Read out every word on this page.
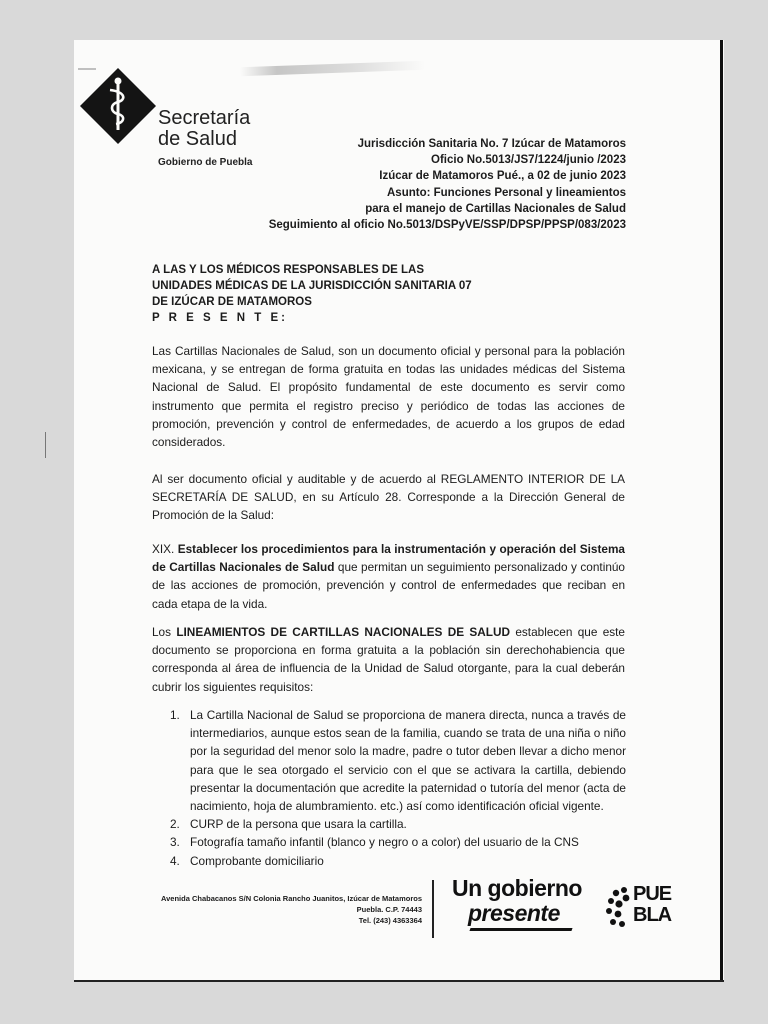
Secretaría
de Salud
Gobierno de Puebla
Jurisdicción Sanitaria No. 7 Izúcar de Matamoros
Oficio No.5013/JS7/1224/junio /2023
Izúcar de Matamoros Pué., a 02 de junio 2023
Asunto: Funciones Personal y lineamientos
para el manejo de Cartillas Nacionales de Salud
Seguimiento al oficio No.5013/DSPyVE/SSP/DPSP/PPSP/083/2023
A LAS Y LOS MÉDICOS RESPONSABLES DE LAS
UNIDADES MÉDICAS DE LA JURISDICCIÓN SANITARIA 07
DE IZÚCAR DE MATAMOROS
P R E S E N T E:

Las Cartillas Nacionales de Salud, son un documento oficial y personal para la población mexicana, y se entregan de forma gratuita en todas las unidades médicas del Sistema Nacional de Salud. El propósito fundamental de este documento es servir como instrumento que permita el registro preciso y periódico de todas las acciones de promoción, prevención y control de enfermedades, de acuerdo a los grupos de edad considerados.

Al ser documento oficial y auditable y de acuerdo al REGLAMENTO INTERIOR DE LA SECRETARÍA DE SALUD, en su Artículo 28. Corresponde a la Dirección General de Promoción de la Salud:

XIX. Establecer los procedimientos para la instrumentación y operación del Sistema de Cartillas Nacionales de Salud que permitan un seguimiento personalizado y continúo de las acciones de promoción, prevención y control de enfermedades que reciban en cada etapa de la vida.

Los LINEAMIENTOS DE CARTILLAS NACIONALES DE SALUD establecen que este documento se proporciona en forma gratuita a la población sin derechohabiencia que corresponda al área de influencia de la Unidad de Salud otorgante, para la cual deberán cubrir los siguientes requisitos:

1. La Cartilla Nacional de Salud se proporciona de manera directa, nunca a través de intermediarios, aunque estos sean de la familia, cuando se trata de una niña o niño por la seguridad del menor solo la madre, padre o tutor deben llevar a dicho menor para que le sea otorgado el servicio con el que se activara la cartilla, debiendo presentar la documentación que acredite la paternidad o tutoría del menor (acta de nacimiento, hoja de alumbramiento. etc.) así como identificación oficial vigente.
2. CURP de la persona que usara la cartilla.
3. Fotografía tamaño infantil (blanco y negro o a color) del usuario de la CNS
4. Comprobante domiciliario
Avenida Chabacanos S/N Colonia Rancho Juanitos, Izúcar de Matamoros
Puebla. C.P. 74443
Tel. (243) 4363364
Un gobierno
presente
PUE
BLA
